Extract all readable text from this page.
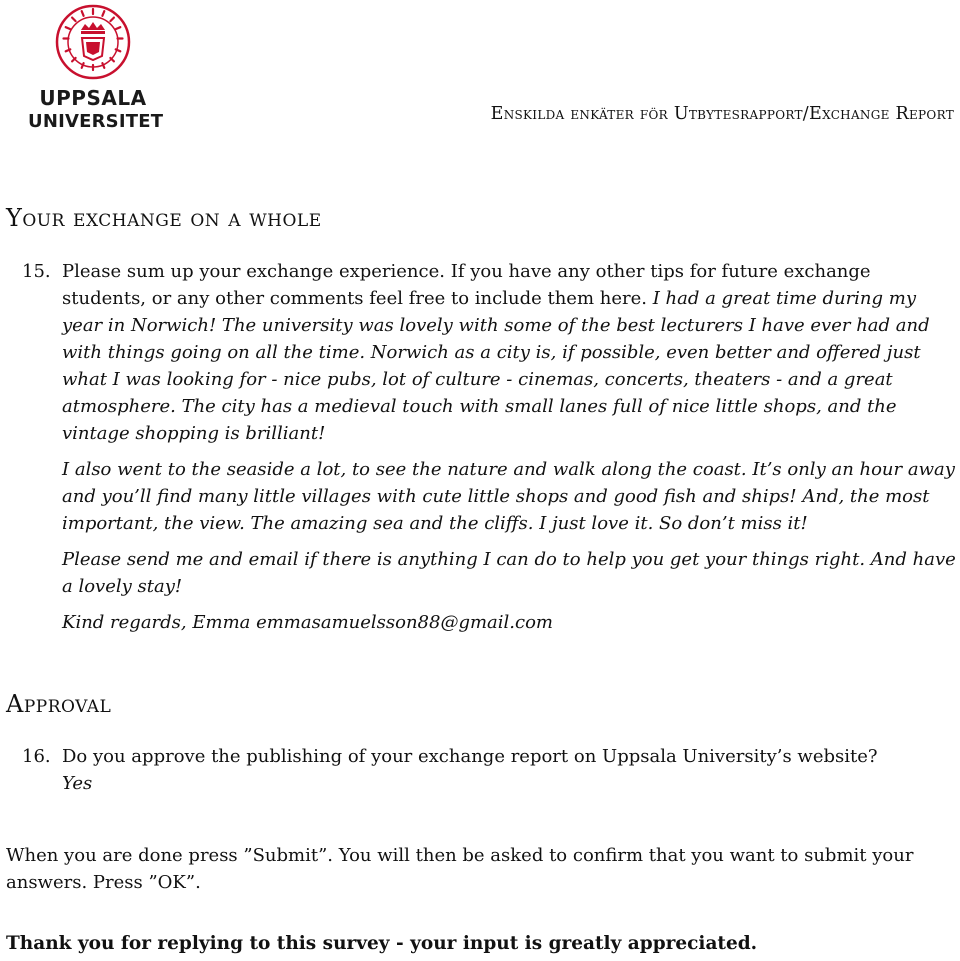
UPPSALA
UNIVERSITET	Enskilda enkäter för Utbytesrapport/Exchange Report
Your exchange on a whole
15. Please sum up your exchange experience. If you have any other tips for future exchange students, or any other comments feel free to include them here. I had a great time during my year in Norwich! The university was lovely with some of the best lecturers I have ever had and with things going on all the time. Norwich as a city is, if possible, even better and offered just what I was looking for - nice pubs, lot of culture - cinemas, concerts, theaters - and a great atmosphere. The city has a medieval touch with small lanes full of nice little shops, and the vintage shopping is brilliant!

I also went to the seaside a lot, to see the nature and walk along the coast. It’s only an hour away and you’ll find many little villages with cute little shops and good fish and ships! And, the most important, the view. The amazing sea and the cliffs. I just love it. So don’t miss it!

Please send me and email if there is anything I can do to help you get your things right. And have a lovely stay!

Kind regards, Emma emmasamuelsson88@gmail.com

Approval
16. Do you approve the publishing of your exchange report on Uppsala University’s website?
Yes
When you are done press ”Submit”. You will then be asked to confirm that you want to submit your answers. Press ”OK”.
Thank you for replying to this survey - your input is greatly appreciated.
